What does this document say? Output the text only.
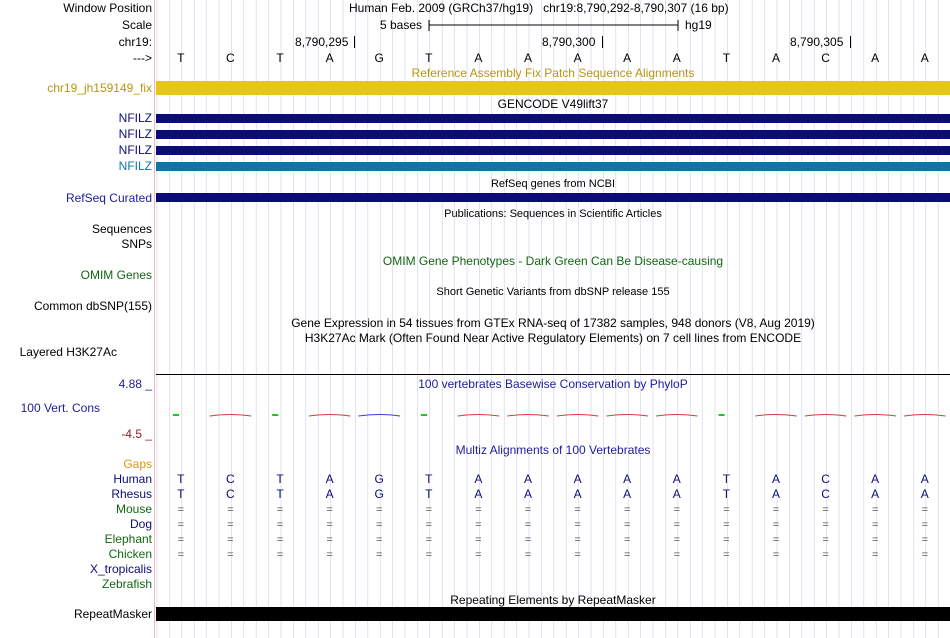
Window Position	Human Feb. 2009 (GRCh37/hg19)   chr19:8,790,292-8,790,307 (16 bp)
Scale	5 bases	hg19
chr19:	8,790,295	8,790,300	8,790,305
--->	T	C	T	A	G	T	A	A	A	A	A	T	A	C	A	A
Reference Assembly Fix Patch Sequence Alignments
chr19_jh159149_fix
GENCODE V49lift37
NFILZ
NFILZ
NFILZ
NFILZ
RefSeq genes from NCBI
RefSeq Curated
Publications: Sequences in Scientific Articles
Sequences
SNPs
OMIM Gene Phenotypes - Dark Green Can Be Disease-causing
OMIM Genes
Short Genetic Variants from dbSNP release 155
Common dbSNP(155)
Gene Expression in 54 tissues from GTEx RNA-seq of 17382 samples, 948 donors (V8, Aug 2019)
H3K27Ac Mark (Often Found Near Active Regulatory Elements) on 7 cell lines from ENCODE
Layered H3K27Ac
100 vertebrates Basewise Conservation by PhyloP
4.88 _
100 Vert. Cons
-4.5 _
Multiz Alignments of 100 Vertebrates
Gaps
Human	T	C	T	A	G	T	A	A	A	A	A	T	A	C	A	A
Rhesus	T	C	T	A	G	T	A	A	A	A	A	T	A	C	A	A
Mouse	=	=	=	=	=	=	=	=	=	=	=	=	=	=	=	=
Dog	=	=	=	=	=	=	=	=	=	=	=	=	=	=	=	=
Elephant	=	=	=	=	=	=	=	=	=	=	=	=	=	=	=	=
Chicken	=	=	=	=	=	=	=	=	=	=	=	=	=	=	=	=
X_tropicalis
Zebrafish
Repeating Elements by RepeatMasker
RepeatMasker
